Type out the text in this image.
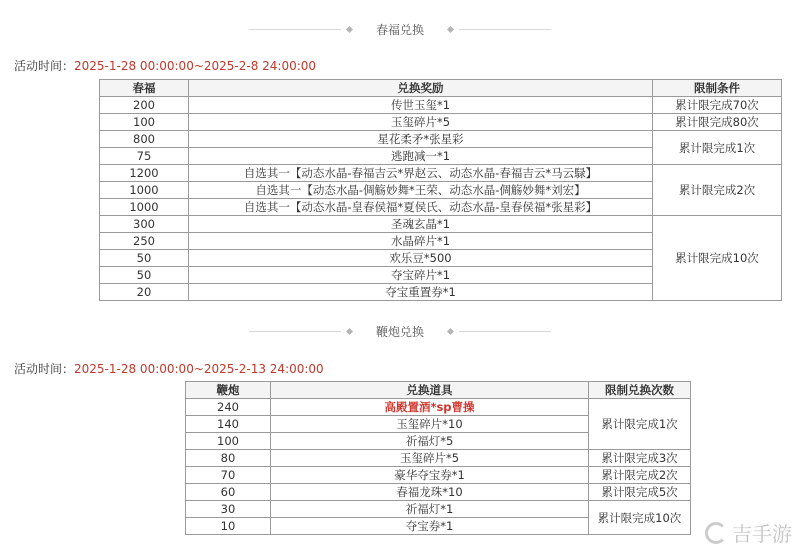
春福兑换
活动时间：2025-1-28 00:00:00~2025-2-8 24:00:00
春福	兑换奖励	限制条件
200	传世玉玺*1	累计限完成70次
100	玉玺碎片*5	累计限完成80次
800	星花柔矛*张星彩	累计限完成1次
75	逃跑减一*1	
1200	自选其一【动态水晶-春福吉云*界赵云、动态水晶-春福吉云*马云騄】	累计限完成2次
1000	自选其一【动态水晶-倜觞妙舞*王荣、动态水晶-倜觞妙舞*刘宏】	
1000	自选其一【动态水晶-皇春侯福*夏侯氏、动态水晶-皇春侯福*张星彩】	
300	圣魂玄晶*1	累计限完成10次
250	水晶碎片*1	
50	欢乐豆*500	
50	夺宝碎片*1	
20	夺宝重置券*1	
鞭炮兑换
活动时间：2025-1-28 00:00:00~2025-2-13 24:00:00
鞭炮	兑换道具	限制兑换次数
240	高殿置酒*sp曹操	累计限完成1次
140	玉玺碎片*10	
100	祈福灯*5	
80	玉玺碎片*5	累计限完成3次
70	豪华夺宝券*1	累计限完成2次
60	春福龙珠*10	累计限完成5次
30	祈福灯*1	累计限完成10次
10	夺宝券*1		吉手游
